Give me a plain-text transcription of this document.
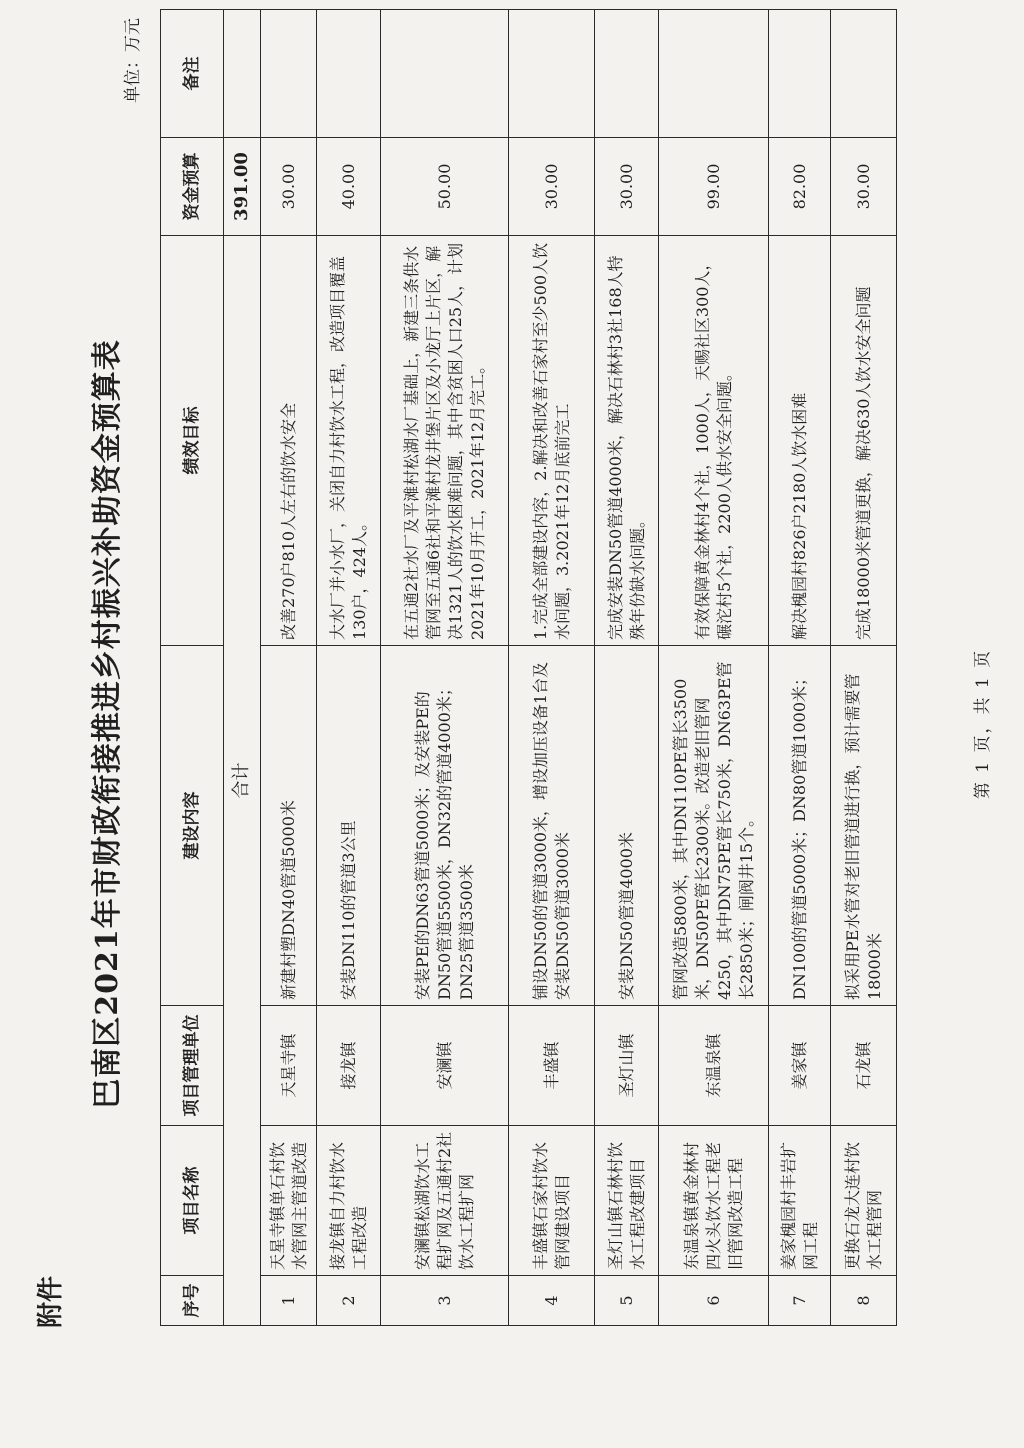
附件
巴南区2021年市财政衔接推进乡村振兴补助资金预算表
单位：万元
序号	项目名称	项目管理单位	建设内容	绩效目标	资金预算	备注
合计					391.00	
1	天星寺镇单石村饮水管网主管道改造	天星寺镇	新建村塑DN40管道5000米	改善270户810人左右的饮水安全	30.00	
2	接龙镇自力村饮水工程改造	接龙镇	安装DN110的管道3公里	大水厂并小水厂，关闭自力村饮水工程，改造项目覆盖130户，424人。	40.00	
3	安澜镇松湖饮水工程扩网及五通村2社饮水工程扩网	安澜镇	安装PE的DN63管道5000米；及安装PE的DN50管道5500米，DN32的管道4000米；DN25管道3500米	在五通2社水厂及平滩村松湖水厂基础上，新建三条供水管网至五通6社和平滩村龙井堡片区及小龙厅上片区，解决1321人的饮水困难问题，其中含贫困人口25人，计划2021年10月开工，2021年12月完工。	50.00	
4	丰盛镇石家村饮水管网建设项目	丰盛镇	铺设DN50的管道3000米，增设加压设备1台及安装DN50管道3000米	1.完成全部建设内容，2.解决和改善石家村至少500人饮水问题，3.2021年12月底前完工	30.00	
5	圣灯山镇石林村饮水工程改建项目	圣灯山镇	安装DN50管道4000米	完成安装DN50管道4000米，解决石林村3社168人特殊年份缺水问题。	30.00	
6	东温泉镇黄金林村四火头饮水工程老旧管网改造工程	东温泉镇	管网改造5800米，其中DN110PE管长3500米，DN50PE管长2300米。改造老旧管网4250，其中DN75PE管长750米，DN63PE管长2850米；闸阀井15个。	有效保障黄金林村4个社，1000人，天赐社区300人，碾沱村5个社，2200人供水安全问题。	99.00	
7	姜家槐园村丰岩扩网工程	姜家镇	DN100的管道5000米；DN80管道1000米；	解决槐园村826户2180人饮水困难	82.00	
8	更换石龙大连村饮水工程管网	石龙镇	拟采用PE水管对老旧管道进行换，预计需要管18000米	完成18000米管道更换，解决630人饮水安全问题	30.00	
第 1 页，共 1 页
